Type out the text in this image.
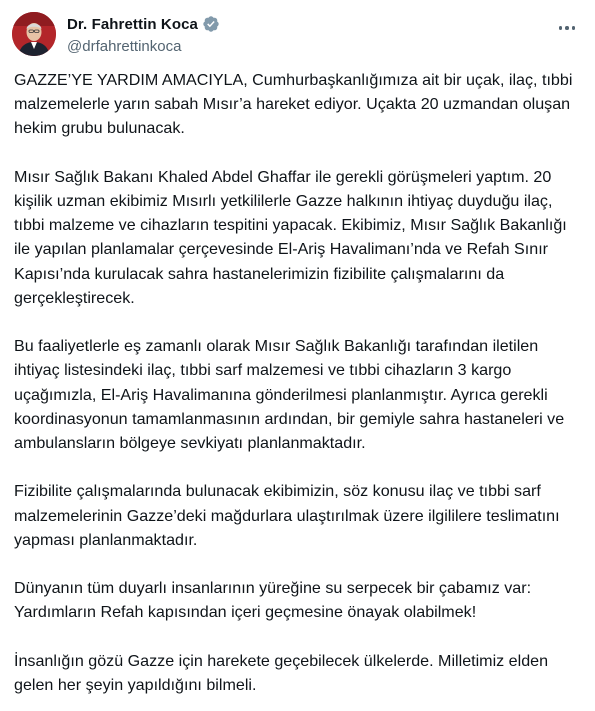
Dr. Fahrettin Koca
@drfahrettinkoca

GAZZE’YE YARDIM AMACIYLA, Cumhurbaşkanlığımıza ait bir uçak, ilaç, tıbbi malzemelerle yarın sabah Mısır’a hareket ediyor. Uçakta 20 uzmandan oluşan hekim grubu bulunacak.

Mısır Sağlık Bakanı Khaled Abdel Ghaffar ile gerekli görüşmeleri yaptım. 20 kişilik uzman ekibimiz Mısırlı yetkililerle Gazze halkının ihtiyaç duyduğu ilaç, tıbbi malzeme ve cihazların tespitini yapacak. Ekibimiz, Mısır Sağlık Bakanlığı ile yapılan planlamalar çerçevesinde El-Ariş Havalimanı’nda ve Refah Sınır Kapısı’nda kurulacak sahra hastanelerimizin fizibilite çalışmalarını da gerçekleştirecek.

Bu faaliyetlerle eş zamanlı olarak Mısır Sağlık Bakanlığı tarafından iletilen ihtiyaç listesindeki ilaç, tıbbi sarf malzemesi ve tıbbi cihazların 3 kargo uçağımızla, El-Ariş Havalimanına gönderilmesi planlanmıştır. Ayrıca gerekli koordinasyonun tamamlanmasının ardından, bir gemiyle sahra hastaneleri ve ambulansların bölgeye sevkiyatı planlanmaktadır.

Fizibilite çalışmalarında bulunacak ekibimizin, söz konusu ilaç ve tıbbi sarf malzemelerinin Gazze’deki mağdurlara ulaştırılmak üzere ilgililere teslimatını yapması planlanmaktadır.

Dünyanın tüm duyarlı insanlarının yüreğine su serpecek bir çabamız var: Yardımların Refah kapısından içeri geçmesine önayak olabilmek!

İnsanlığın gözü Gazze için harekete geçebilecek ülkelerde. Milletimiz elden gelen her şeyin yapıldığını bilmeli.
